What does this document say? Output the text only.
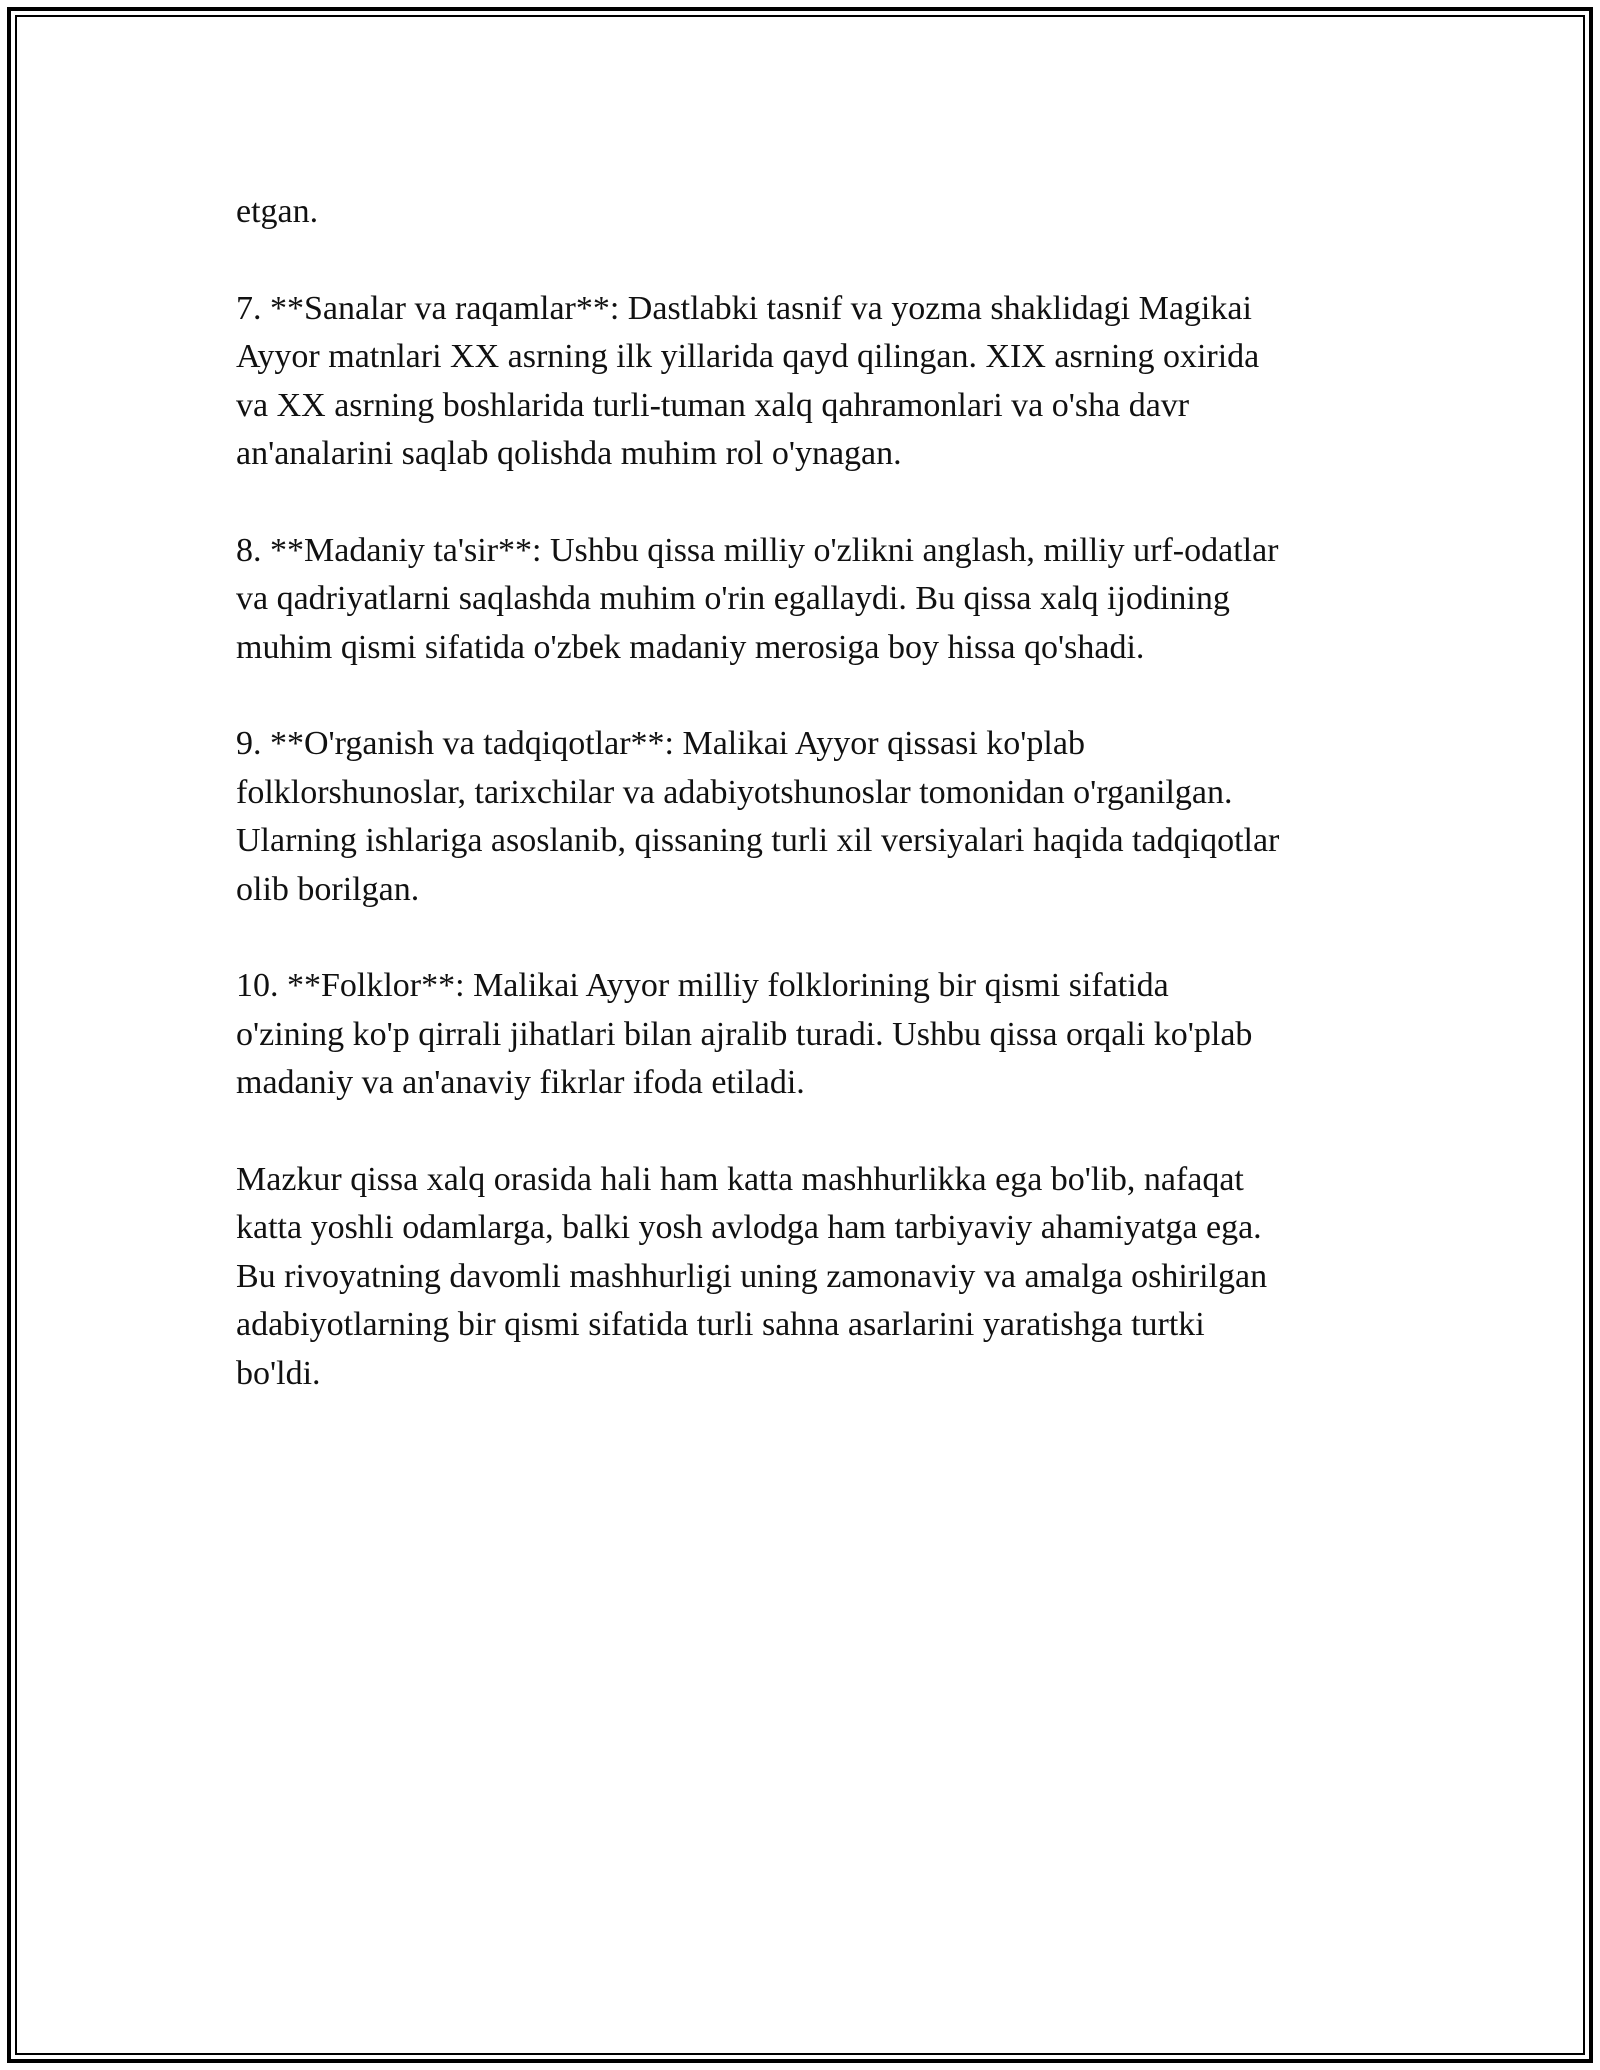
etgan.

7. **Sanalar va raqamlar**: Dastlabki tasnif va yozma shaklidagi Magikai
Ayyor matnlari XX asrning ilk yillarida qayd qilingan. XIX asrning oxirida
va XX asrning boshlarida turli-tuman xalq qahramonlari va o'sha davr
an'analarini saqlab qolishda muhim rol o'ynagan.

8. **Madaniy ta'sir**: Ushbu qissa milliy o'zlikni anglash, milliy urf-odatlar
va qadriyatlarni saqlashda muhim o'rin egallaydi. Bu qissa xalq ijodining
muhim qismi sifatida o'zbek madaniy merosiga boy hissa qo'shadi.

9. **O'rganish va tadqiqotlar**: Malikai Ayyor qissasi ko'plab
folklorshunoslar, tarixchilar va adabiyotshunoslar tomonidan o'rganilgan.
Ularning ishlariga asoslanib, qissaning turli xil versiyalari haqida tadqiqotlar
olib borilgan.

10. **Folklor**: Malikai Ayyor milliy folklorining bir qismi sifatida
o'zining ko'p qirrali jihatlari bilan ajralib turadi. Ushbu qissa orqali ko'plab
madaniy va an'anaviy fikrlar ifoda etiladi.

Mazkur qissa xalq orasida hali ham katta mashhurlikka ega bo'lib, nafaqat
katta yoshli odamlarga, balki yosh avlodga ham tarbiyaviy ahamiyatga ega.
Bu rivoyatning davomli mashhurligi uning zamonaviy va amalga oshirilgan
adabiyotlarning bir qismi sifatida turli sahna asarlarini yaratishga turtki
bo'ldi.
